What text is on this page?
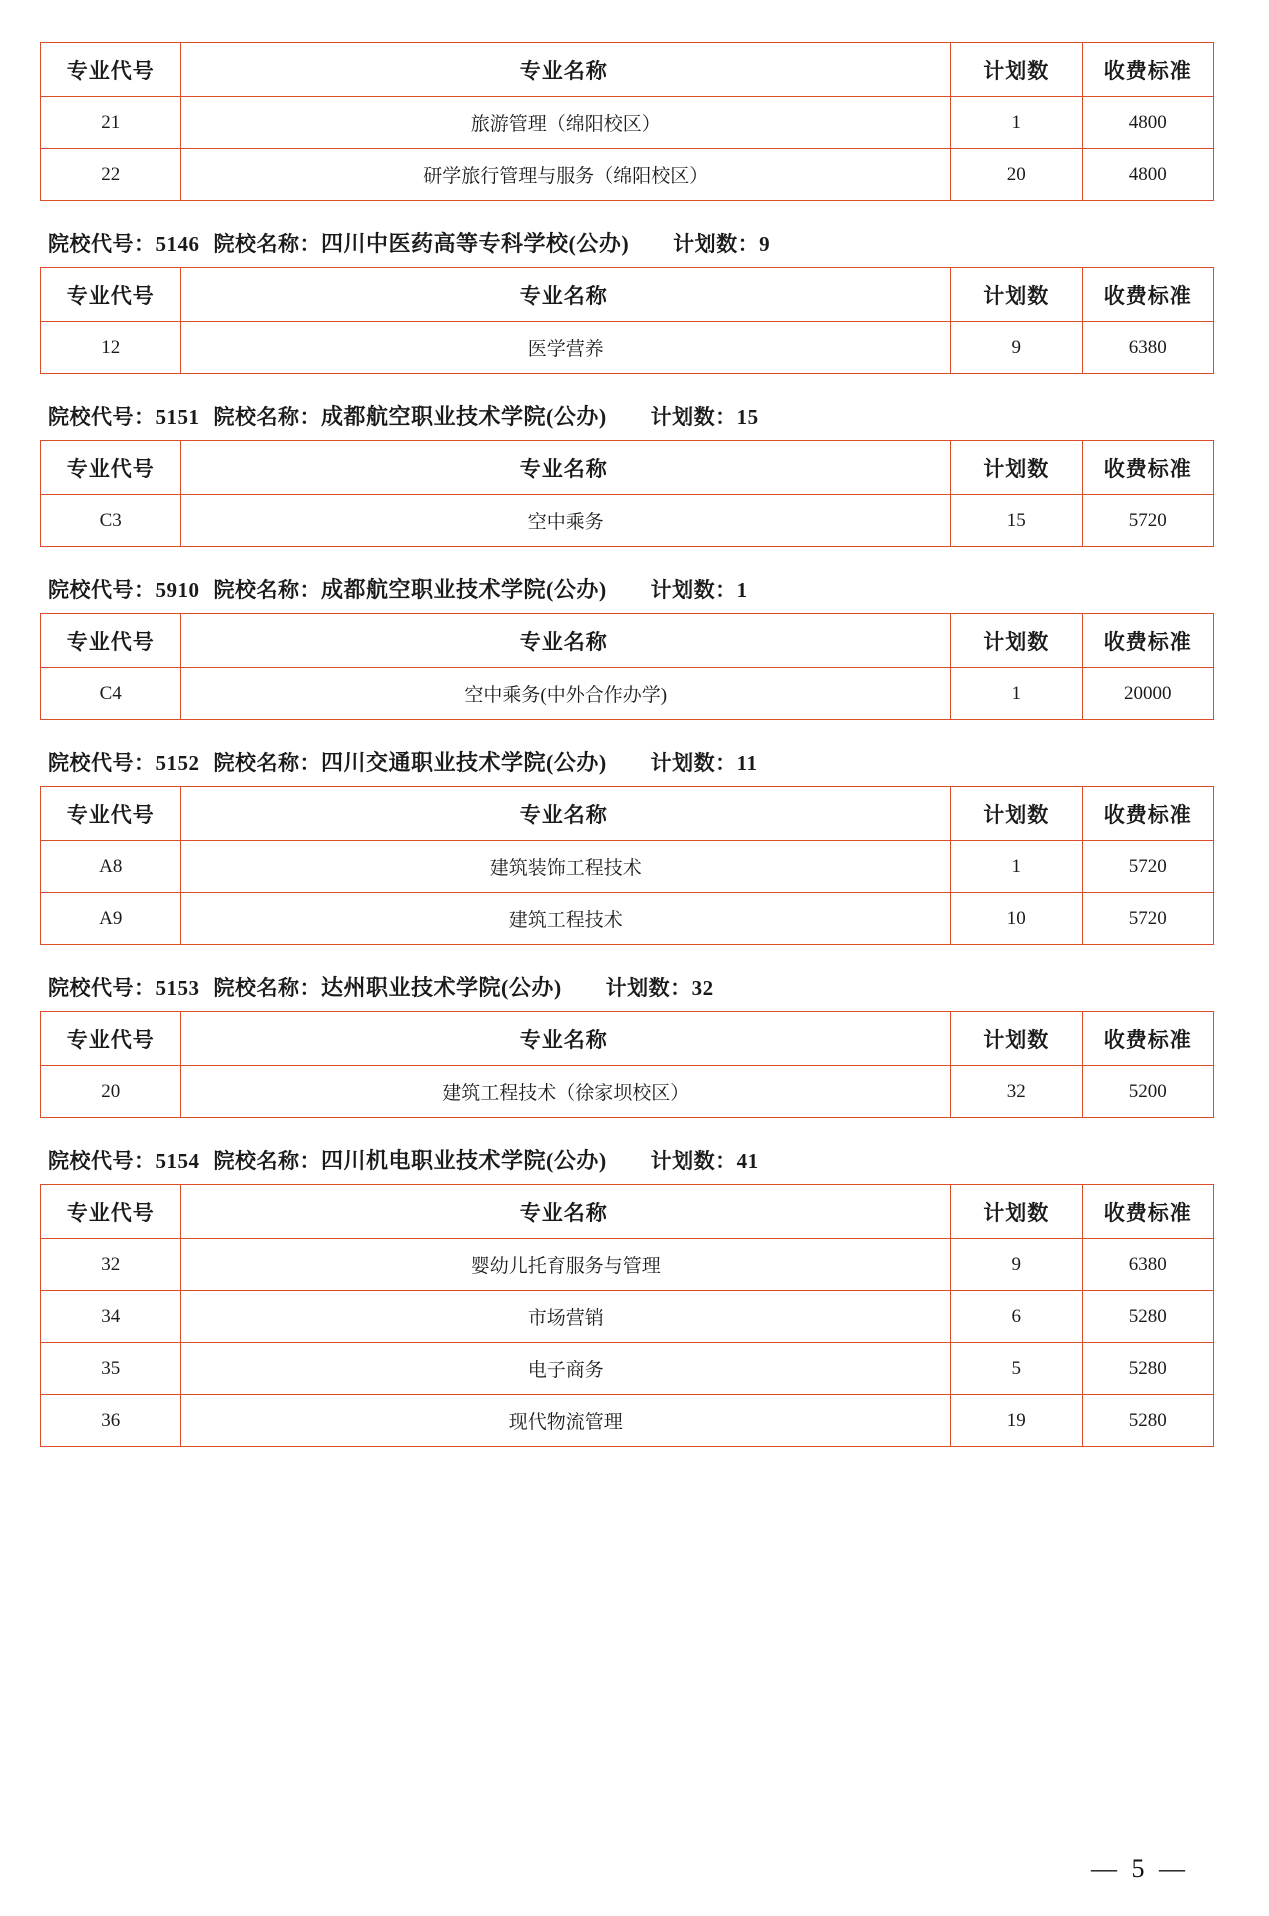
专业代号	专业名称	计划数	收费标准
21	旅游管理（绵阳校区）	1	4800
22	研学旅行管理与服务（绵阳校区）	20	4800
院校代号：5146 院校名称：四川中医药高等专科学校(公办) 计划数：9
专业代号	专业名称	计划数	收费标准
12	医学营养	9	6380
院校代号：5151 院校名称：成都航空职业技术学院(公办) 计划数：15
专业代号	专业名称	计划数	收费标准
C3	空中乘务	15	5720
院校代号：5910 院校名称：成都航空职业技术学院(公办) 计划数：1
专业代号	专业名称	计划数	收费标准
C4	空中乘务(中外合作办学)	1	20000
院校代号：5152 院校名称：四川交通职业技术学院(公办) 计划数：11
专业代号	专业名称	计划数	收费标准
A8	建筑装饰工程技术	1	5720
A9	建筑工程技术	10	5720
院校代号：5153 院校名称：达州职业技术学院(公办) 计划数：32
专业代号	专业名称	计划数	收费标准
20	建筑工程技术（徐家坝校区）	32	5200
院校代号：5154 院校名称：四川机电职业技术学院(公办) 计划数：41
专业代号	专业名称	计划数	收费标准
32	婴幼儿托育服务与管理	9	6380
34	市场营销	6	5280
35	电子商务	5	5280
36	现代物流管理	19	5280
— 5 —
